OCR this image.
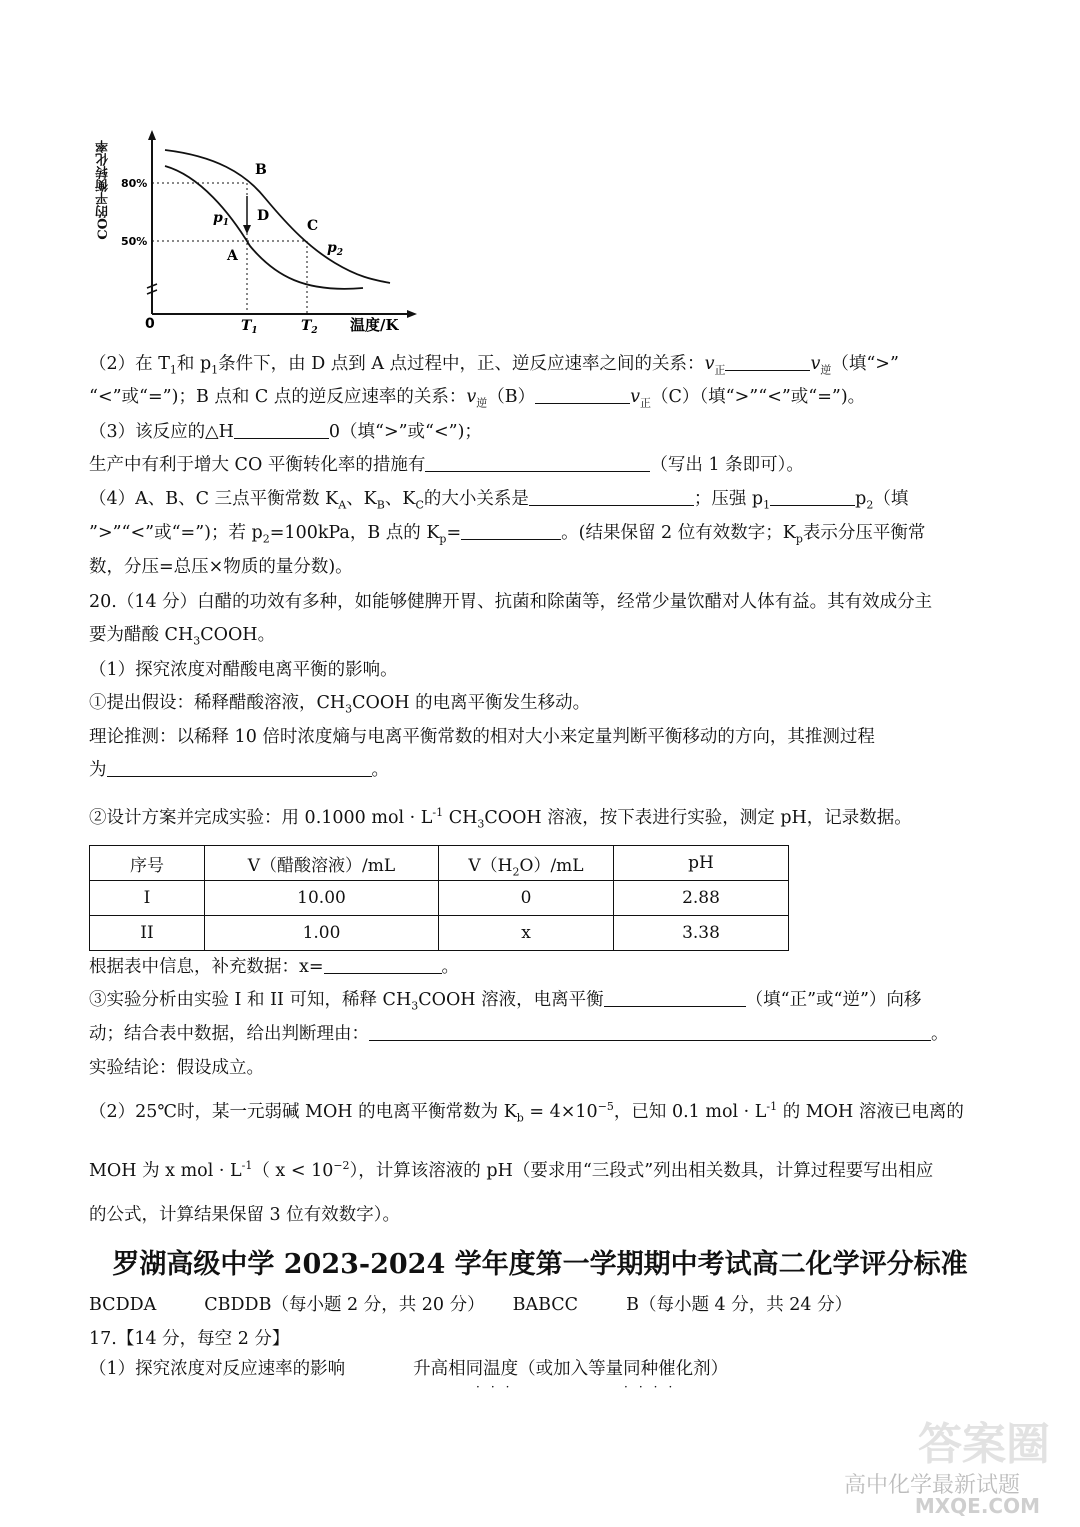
80%
50%
0	$T_1$	$T_2$ 温度/K
B
D
C
A
$p_1$
$p_2$
CO的平衡转化率
（2）在 $T_1$和 $p_1$条件下，由 D 点到 A 点过程中，正、逆反应速率之间的关系：$v_正$	$v_逆$（填“>”
“<”或“=”)；B 点和 C 点的逆反应速率的关系：$v_逆(B)$	$v_正(C)$（填“>”“<”或“=”)。
（3）该反应的△H	0（填“>”或“<”)；
生产中有利于增大 CO 平衡转化率的措施有	（写出 1 条即可）。
（4）A、B、C 三点平衡常数 $K_A$、$K_B$、$K_C$的大小关系是	；压强 $p_1$	$p_2$（填
”>”“<”或“=”)；若 $p_2=100kPa$，B 点的 $K_p=$	。(结果保留 2 位有效数字；$K_p$表示分压平衡常
数，分压=总压×物质的量分数)。
20.（14 分）白醋的功效有多种，如能够健脾开胃、抗菌和除菌等，经常少量饮醋对人体有益。其有效成分主
要为醋酸 $CH_3COOH$。
（1）探究浓度对醋酸电离平衡的影响。
①提出假设：稀释醋酸溶液，$CH_3COOH$ 的电离平衡发生移动。
理论推测：以稀释 10 倍时浓度熵与电离平衡常数的相对大小来定量判断平衡移动的方向，其推测过程
为	。
②设计方案并完成实验：用 0.1000 mol · $L^{-1}$ $CH_3COOH$ 溶液，按下表进行实验，测定 pH，记录数据。
序号	V（醋酸溶液）/mL	$V(H_2O)/mL$	pH
I	10.00	0	2.88
II	1.00	x	3.38
根据表中信息，补充数据：x=	。
③实验分析由实验 I 和 II 可知，稀释 $CH_3COOH$ 溶液，电离平衡	（填“正”或“逆”）向移
动；结合表中数据，给出判断理由：	。
实验结论：假设成立。
（2）25℃时，某一元弱碱 MOH 的电离平衡常数为 $K_b = 4\times 10^{-5}$，已知 0.1 mol · $L^{-1}$ 的 MOH 溶液已电离的
MOH 为 x mol · $L^{-1}$（ $x < 10^{-2}$），计算该溶液的 pH（要求用“三段式”列出相关数具，计算过程要写出相应
的公式，计算结果保留 3 位有效数字）。
罗湖高级中学 2023-2024 学年度第一学期期中考试高二化学评分标准
BCDDA	CBDDB（每小题 2 分，共 20 分） BABCC	B（每小题 4 分，共 24 分）
17.【14 分，每空 2 分】
（1）探究浓度对反应速率的影响	升高相同温度（或加入等量同种催化剂）
···	····
答案圈
高中化学最新试题
MXQE.COM
